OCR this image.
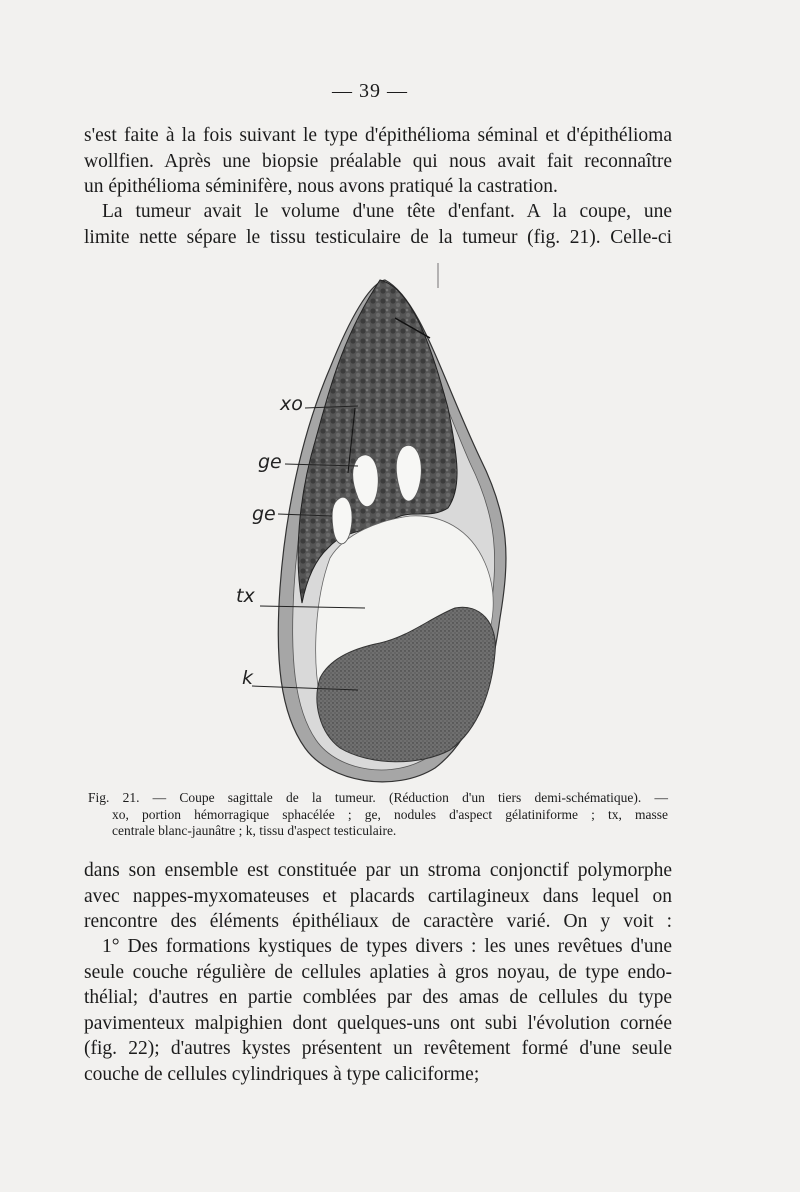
— 39 —
s'est faite à la fois suivant le type d'épithélioma séminal et d'épithélioma
wollfien. Après une biopsie préalable qui nous avait fait reconnaître
un épithélioma séminifère, nous avons pratiqué la castration.
La tumeur avait le volume d'une tête d'enfant. A la coupe, une
limite nette sépare le tissu testiculaire de la tumeur (fig. 21). Celle-ci
xo
ge
ge
tx
k
Fig. 21. — Coupe sagittale de la tumeur. (Réduction d'un tiers demi-schématique). —
xo, portion hémorragique sphacélée ; ge, nodules d'aspect gélatiniforme ; tx, masse
centrale blanc-jaunâtre ; k, tissu d'aspect testiculaire.
dans son ensemble est constituée par un stroma conjonctif polymorphe
avec nappes-myxomateuses et placards cartilagineux dans lequel on
rencontre des éléments épithéliaux de caractère varié. On y voit :
1° Des formations kystiques de types divers : les unes revêtues d'une
seule couche régulière de cellules aplaties à gros noyau, de type endo-
thélial; d'autres en partie comblées par des amas de cellules du type
pavimenteux malpighien dont quelques-uns ont subi l'évolution cornée
(fig. 22); d'autres kystes présentent un revêtement formé d'une seule
couche de cellules cylindriques à type caliciforme;
